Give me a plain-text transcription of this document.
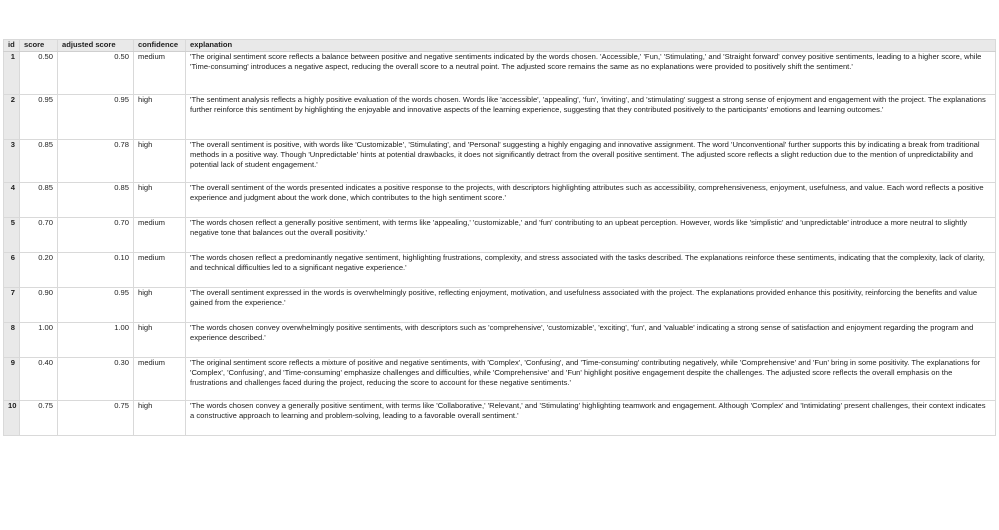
id	score	adjusted score	confidence	explanation
1	0.50	0.50	medium	'The original sentiment score reflects a balance between positive and negative sentiments indicated by the words chosen. 'Accessible,' 'Fun,' 'Stimulating,' and 'Straight forward' convey positive sentiments, leading to a higher score, while 'Time-consuming' introduces a negative aspect, reducing the overall score to a neutral point. The adjusted score remains the same as no explanations were provided to positively shift the sentiment.'
2	0.95	0.95	high	'The sentiment analysis reflects a highly positive evaluation of the words chosen. Words like 'accessible', 'appealing', 'fun', 'inviting', and 'stimulating' suggest a strong sense of enjoyment and engagement with the project. The explanations further reinforce this sentiment by highlighting the enjoyable and innovative aspects of the learning experience, suggesting that they contributed positively to the participants' emotions and learning outcomes.'
3	0.85	0.78	high	'The overall sentiment is positive, with words like 'Customizable', 'Stimulating', and 'Personal' suggesting a highly engaging and innovative assignment. The word 'Unconventional' further supports this by indicating a break from traditional methods in a positive way. Though 'Unpredictable' hints at potential drawbacks, it does not significantly detract from the overall positive sentiment. The adjusted score reflects a slight reduction due to the mention of unpredictability and potential lack of student engagement.'
4	0.85	0.85	high	'The overall sentiment of the words presented indicates a positive response to the projects, with descriptors highlighting attributes such as accessibility, comprehensiveness, enjoyment, usefulness, and value. Each word reflects a positive experience and judgment about the work done, which contributes to the high sentiment score.'
5	0.70	0.70	medium	'The words chosen reflect a generally positive sentiment, with terms like 'appealing,' 'customizable,' and 'fun' contributing to an upbeat perception. However, words like 'simplistic' and 'unpredictable' introduce a more neutral to slightly negative tone that balances out the overall positivity.'
6	0.20	0.10	medium	'The words chosen reflect a predominantly negative sentiment, highlighting frustrations, complexity, and stress associated with the tasks described. The explanations reinforce these sentiments, indicating that the complexity, lack of clarity, and technical difficulties led to a significant negative experience.'
7	0.90	0.95	high	'The overall sentiment expressed in the words is overwhelmingly positive, reflecting enjoyment, motivation, and usefulness associated with the project. The explanations provided enhance this positivity, reinforcing the benefits and value gained from the experience.'
8	1.00	1.00	high	'The words chosen convey overwhelmingly positive sentiments, with descriptors such as 'comprehensive', 'customizable', 'exciting', 'fun', and 'valuable' indicating a strong sense of satisfaction and enjoyment regarding the program and experience described.'
9	0.40	0.30	medium	'The original sentiment score reflects a mixture of positive and negative sentiments, with 'Complex', 'Confusing', and 'Time-consuming' contributing negatively, while 'Comprehensive' and 'Fun' bring in some positivity. The explanations for 'Complex', 'Confusing', and 'Time-consuming' emphasize challenges and difficulties, while 'Comprehensive' and 'Fun' highlight positive engagement despite the challenges. The adjusted score reflects the overall emphasis on the frustrations and challenges faced during the project, reducing the score to account for these negative sentiments.'
10	0.75	0.75	high	'The words chosen convey a generally positive sentiment, with terms like 'Collaborative,' 'Relevant,' and 'Stimulating' highlighting teamwork and engagement. Although 'Complex' and 'Intimidating' present challenges, their context indicates a constructive approach to learning and problem-solving, leading to a favorable overall sentiment.'
